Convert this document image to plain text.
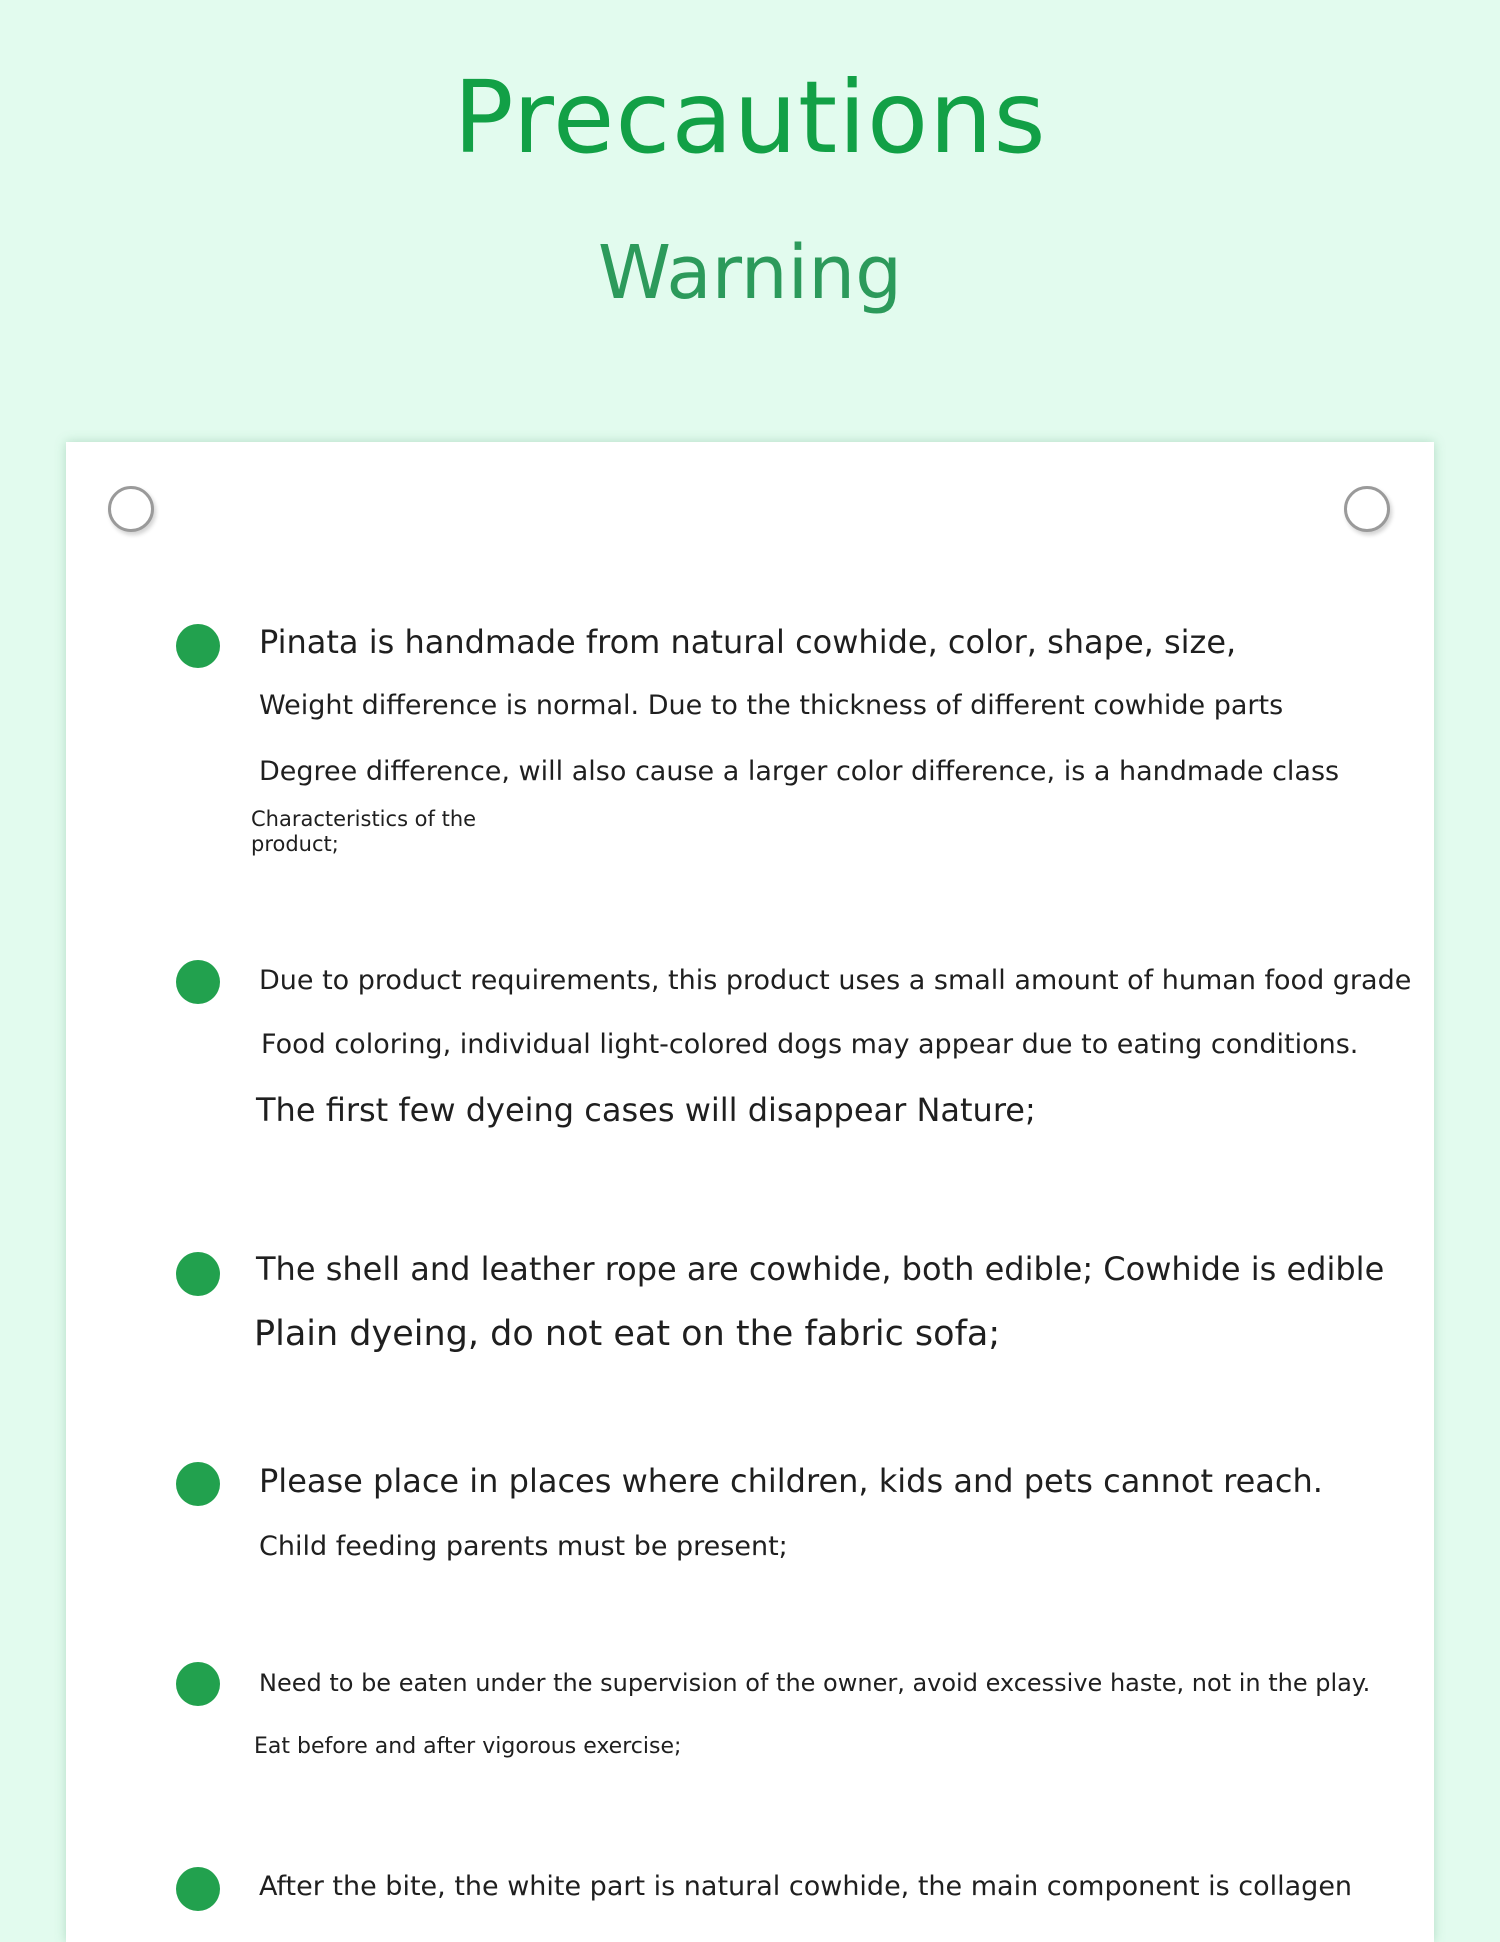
Precautions
Warning
Pinata is handmade from natural cowhide, color, shape, size,
Weight difference is normal. Due to the thickness of different cowhide parts
Degree difference, will also cause a larger color difference, is a handmade class
Characteristics of the product;
Due to product requirements, this product uses a small amount of human food grade
Food coloring, individual light-colored dogs may appear due to eating conditions.
The first few dyeing cases will disappear Nature;
The shell and leather rope are cowhide, both edible; Cowhide is edible
Plain dyeing, do not eat on the fabric sofa;
Please place in places where children, kids and pets cannot reach.
Child feeding parents must be present;
Need to be eaten under the supervision of the owner, avoid excessive haste, not in the play.
Eat before and after vigorous exercise;
After the bite, the white part is natural cowhide, the main component is collagen
